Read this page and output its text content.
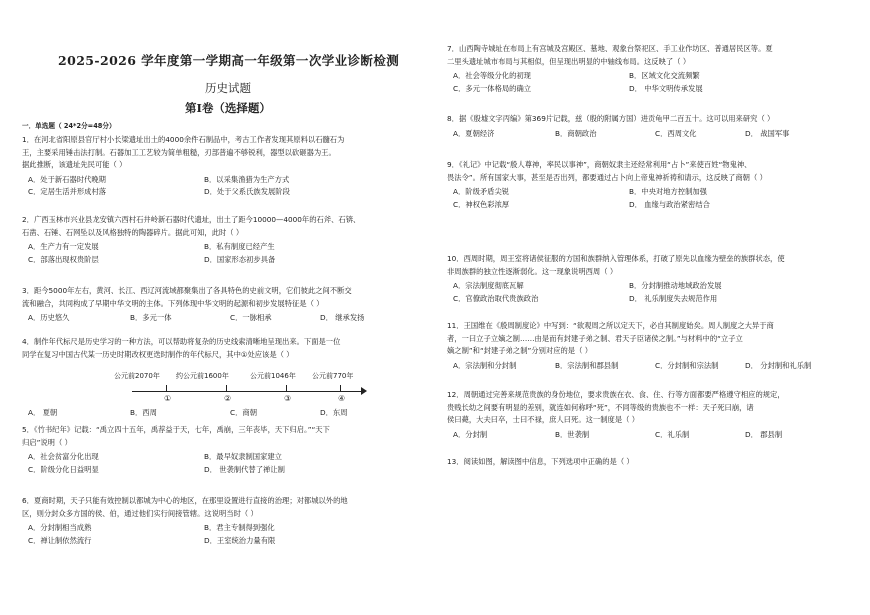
2025-2026 学年度第一学期高一年级第一次学业诊断检测
历史试题
第Ⅰ卷（选择题）
一．单选题（ 24*2分=48分）
公元前2070年 约公元前1600年	公元前1046年 公元前770年
①	②	③	④
1．在河北省阳原县官厅村小长梁遗址出土的4000余件石制品中，考古工作者发现其原料以石髓石为
王，主要采用锤击法打制。石器加工工艺较为简单粗糙，刃部普遍不够锐利，器型以砍砸器为王。
据此推断，该遗址先民可能（ ）
A．处于新石器时代晚期	B．以采集渔猎为生产方式
C．定居生活并形成村落	D．处于父系氏族发展阶段
2．广西玉林市兴业县龙安镇六西村石井岭新石器时代遗址，出土了距今10000—4000年的石斧、石锛、
石凿、石锤、石网坠以及风格独特的陶器碎片。据此可知，此时（ ）
A．生产力有一定发展	B．私有制度已经产生
C．部落出现权贵阶层	D．国家形态初步具备
3．距今5000年左右，黄河、长江、西辽河流域都聚集出了各具特色的史前文明，它们彼此之间不断交
流和融合，共同构成了早期中华文明的主体。下列体现中华文明的起源和初步发展特征是（ ）
A．历史悠久	B．多元一体	C．一脉相承	D． 继承发扬
4．制作年代标尺是历史学习的一种方法，可以帮助将复杂的历史线索清晰地呈现出来。下面是一位
同学在复习中国古代某一历史时期改权更迭时制作的年代标尺，其中①处应该是（ ）
A． 夏朝	B．西周	C．商朝	D．东周
5．《竹书纪年》记载：“禹立四十五年，禹荐益于天，七年，禹崩，三年丧毕，天下归启。”“天下
归启”说明（ ）
A．社会贫富分化出现	B．最早奴隶制国家建立
C．阶级分化日益明显	D． 世袭制代替了禅让制
6．夏商时期，天子只能有效控制以都城为中心的地区，在那里设置进行直接的治理；对都城以外的地
区，则分封众多方国的侯、伯，通过他们实行间接管辖。这说明当时（ ）
A．分封制相当成熟	B．君主专制得到强化
C．禅让制依然流行	D．王室统治力量有限
7．山西陶寺城址在布局上有宫城及宫殿区、墓地、观象台祭祀区、手工业作坊区、普通居民区等。夏
二里头遗址城市布局与其相似，但呈现出明显的中轴线布局。这反映了（ ）
A．社会等级分化的初现	B．区域文化交流频繁
C．多元一体格局的确立	D． 中华文明传承发展
8．据《殷墟文字丙编》第369片记载，兹（殷的附属方国）进贡龟甲二百五十。这可以用来研究（ ）
A．夏朝经济	B．商朝政治	C．西周文化	D． 战国军事
9．《礼记》中记载“殷人尊神，率民以事神”，商朝奴隶主还经常利用“占卜”来使百姓“物鬼神、
畏法令”。所有国家大事，甚至是否出列，都要通过占卜向上帝鬼神祈祷和请示，这反映了商朝（ ）
A．阶级矛盾尖锐	B．中央对地方控制加强
C．神权色彩浓厚	D． 血缘与政治紧密结合
10．西周时期，周王室将诸侯征服的方国和族群纳入管理体系，打破了原先以血缘为壁垒的族群状态，使
非周族群的独立性逐渐弱化。这一现象说明西周（ ）
A．宗法制度彻底瓦解	B．分封制推动地域政治发展
C．官僚政治取代贵族政治	D． 礼乐制度失去规范作用
11．王国维在《殷周制度论》中写到：“欲观周之所以定天下，必自其制度始矣。周人制度之大异于商
者，一曰立子立嫡之制……由是而有封建子弟之制、君天子臣诸侯之制。”与材料中的“立子立
嫡之制”和“封建子弟之制”分别对应的是（ ）
A．宗法制和分封制	B．宗法制和郡县制	C．分封制和宗法制	D． 分封制和礼乐制
12．周朝通过完善来规范贵族的身份地位，要求贵族在衣、食、住、行等方面都要严格遵守相应的规定，
贵贱长幼之间要有明显的差别，就连如何称呼“死”，不同等级的贵族也不一样：天子死曰崩，诸
侯曰薨，大夫曰卒，士曰不禄，庶人曰死。这一制度是（ ）
A．分封制	B．世袭制	C．礼乐制	D． 郡县制
13．阅读如图，解读图中信息，下列选项中正确的是（ ）
